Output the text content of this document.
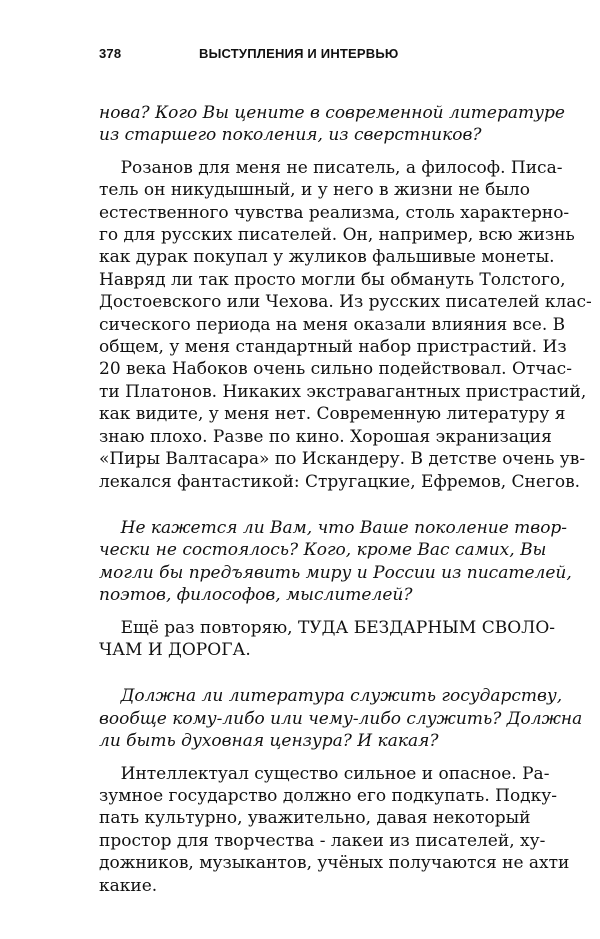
378	ВЫСТУПЛЕНИЯ И ИНТЕРВЬЮ

нова? Кого Вы цените в современной литературе
из старшего поколения, из сверстников?

Розанов для меня не писатель, а философ. Писа-
тель он никудышный, и у него в жизни не было
естественного чувства реализма, столь характерно-
го для русских писателей. Он, например, всю жизнь
как дурак покупал у жуликов фальшивые монеты.
Навряд ли так просто могли бы обмануть Толстого,
Достоевского или Чехова. Из русских писателей клас-
сического периода на меня оказали влияния все. В
общем, у меня стандартный набор пристрастий. Из
20 века Набоков очень сильно подействовал. Отчас-
ти Платонов. Никаких экстравагантных пристрастий,
как видите, у меня нет. Современную литературу я
знаю плохо. Разве по кино. Хорошая экранизация
«Пиры Валтасара» по Искандеру. В детстве очень ув-
лекался фантастикой: Стругацкие, Ефремов, Снегов.

Не кажется ли Вам, что Ваше поколение твор-
чески не состоялось? Кого, кроме Вас самих, Вы
могли бы предъявить миру и России из писателей,
поэтов, философов, мыслителей?

Ещё раз повторяю, ТУДА БЕЗДАРНЫМ СВОЛО-
ЧАМ И ДОРОГА.

Должна ли литература служить государству,
вообще кому-либо или чему-либо служить? Должна
ли быть духовная цензура? И какая?

Интеллектуал существо сильное и опасное. Ра-
зумное государство должно его подкупать. Подку-
пать культурно, уважительно, давая некоторый
простор для творчества - лакеи из писателей, ху-
дожников, музыкантов, учёных получаются не ахти
какие.
